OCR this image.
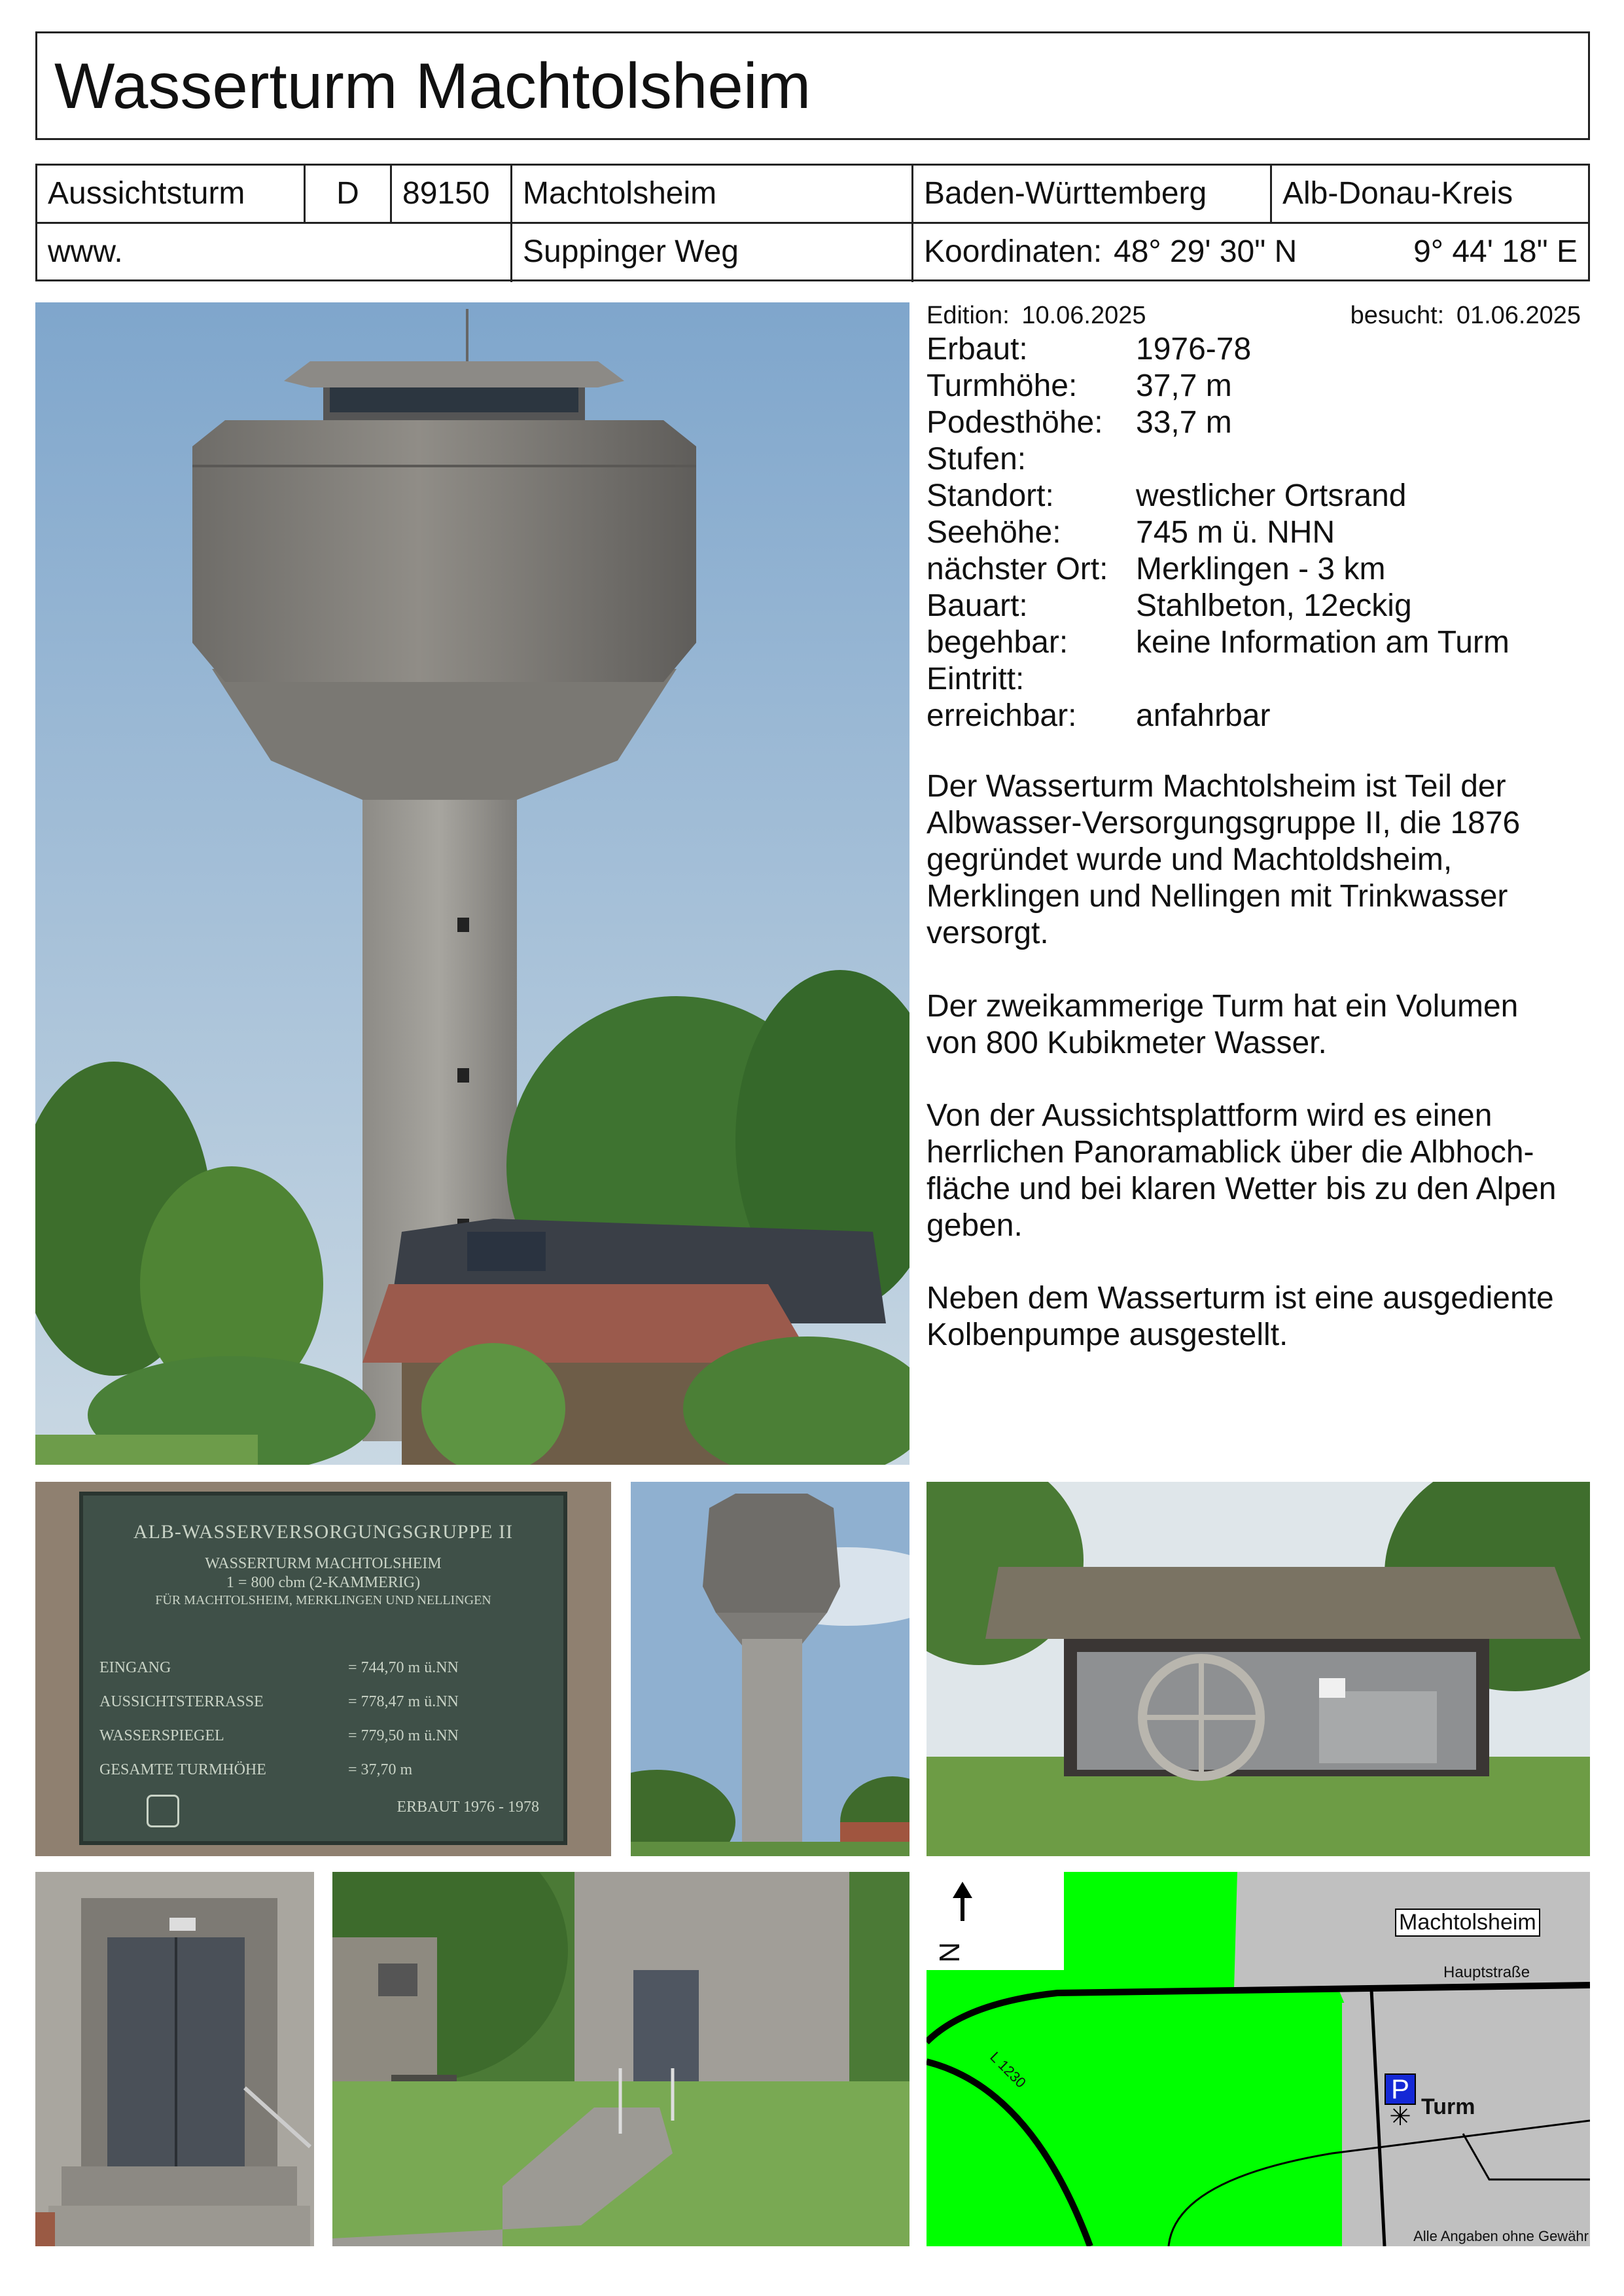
Wasserturm Machtolsheim
Aussichtsturm	D	89150	Machtolsheim	Baden-Württemberg	Alb-Donau-Kreis
www.	Suppinger Weg	Koordinaten: 48° 29' 30" N	9° 44' 18" E
Edition: 10.06.2025	besucht: 01.06.2025
Erbaut:	1976-78
Turmhöhe: 37,7 m
Podesthöhe: 33,7 m
Stufen:
Standort:	westlicher Ortsrand
Seehöhe: 745 m ü. NHN
nächster Ort: Merklingen - 3 km
Bauart:	Stahlbeton, 12eckig
begehbar: keine Information am Turm
Eintritt:
erreichbar: anfahrbar
Der Wasserturm Machtolsheim ist Teil der
Albwasser-Versorgungsgruppe II, die 1876
gegründet wurde und Machtoldsheim,
Merklingen und Nellingen mit Trinkwasser
versorgt.
Der zweikammerige Turm hat ein Volumen
von 800 Kubikmeter Wasser.
Von der Aussichtsplattform wird es einen
herrlichen Panoramablick über die Albhoch-
fläche und bei klaren Wetter bis zu den Alpen
geben.
Neben dem Wasserturm ist eine ausgediente
Kolbenpumpe ausgestellt.
ALB-WASSERVERSORGUNGSGRUPPE II
WASSERTURM MACHTOLSHEIM
1 = 800 cbm (2-KAMMERIG)
FÜR MACHTOLSHEIM, MERKLINGEN UND NELLINGEN
EINGANG	= 744,70 m ü.NN
AUSSICHTSTERRASSE	= 778,47 m ü.NN
WASSERSPIEGEL	= 779,50 m ü.NN
GESAMTE TURMHÖHE	= 37,70 m
ERBAUT 1976 - 1978
N
Machtolsheim
Hauptstraße
L 1230	P
✳ Turm
Alle Angaben ohne Gewähr
